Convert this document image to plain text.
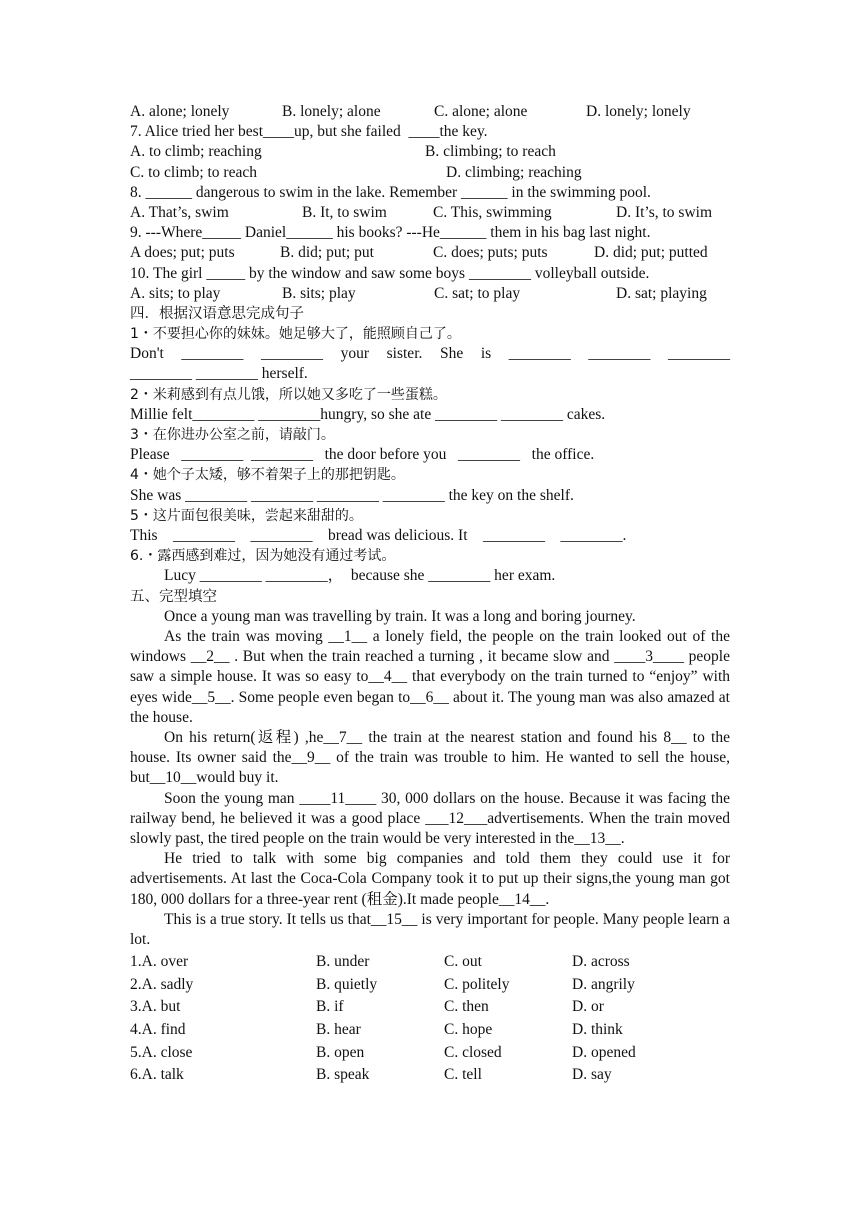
A. alone; lonely	B. lonely; alone	C. alone; alone	D. lonely; lonely
7. Alice tried her best____up, but she failed  ____the key.
A. to climb; reaching	B. climbing; to reach
C. to climb; to reach	D. climbing; reaching
8. ______ dangerous to swim in the lake. Remember ______ in the swimming pool.
A. That’s, swim	B. It, to swim	C. This, swimming	D. It’s, to swim
9. ---Where_____ Daniel______ his books? ---He______ them in his bag last night.
A does; put; puts	B. did; put; put	C. does; puts; puts	D. did; put; putted
10. The girl _____ by the window and saw some boys ________ volleyball outside.
A. sits; to play	B. sits; play	C. sat; to play	D. sat; playing
四．根据汉语意思完成句子
1・不要担心你的妹妹。她足够大了，能照顾自己了。
Don't ________ ________ your sister. She is ________ ________ ________
________ ________ herself.
2・米莉感到有点儿饿，所以她又多吃了一些蛋糕。
Millie felt________ ________hungry, so she ate ________ ________ cakes.
3・在你进办公室之前，请敲门。
Please   ________  ________   the door before you   ________   the office.
4・她个子太矮，够不着架子上的那把钥匙。
She was ________ ________ ________ ________ the key on the shelf.
5・这片面包很美味，尝起来甜甜的。
This    ________    ________    bread was delicious. It    ________    ________.
6.・露西感到难过，因为她没有通过考试。
Lucy ________ ________，  because she ________ her exam.
五、完型填空

Once a young man was travelling by train. It was a long and boring journey.

As the train was moving __1__ a lonely field, the people on the train looked out of the windows __2__ . But when the train reached a turning , it became slow and ____3____ people saw a simple house. It was so easy to__4__ that everybody on the train turned to “enjoy” with eyes wide__5__. Some people even began to__6__ about it. The young man was also amazed at the house.

On his return(返程) ,he__7__ the train at the nearest station and found his 8__ to the house. Its owner said the__9__ of the train was trouble to him. He wanted to sell the house, but__10__would buy it.

Soon the young man ____11____ 30, 000 dollars on the house. Because it was facing the railway bend, he believed it was a good place ___12___advertisements. When the train moved slowly past, the tired people on the train would be very interested in the__13__.

He tried to talk with some big companies and told them they could use it for advertisements. At last the Coca-Cola Company took it to put up their signs,the young man got 180, 000 dollars for a three-year rent (租金).It made people__14__.

This is a true story. It tells us that__15__ is very important for people. Many people learn a lot.

1.A. over	B. under	C. out	D. across
2.A. sadly	B. quietly	C. politely	D. angrily
3.A. but	B. if	C. then	D. or
4.A. find	B. hear	C. hope	D. think
5.A. close	B. open	C. closed	D. opened
6.A. talk	B. speak	C. tell	D. say
